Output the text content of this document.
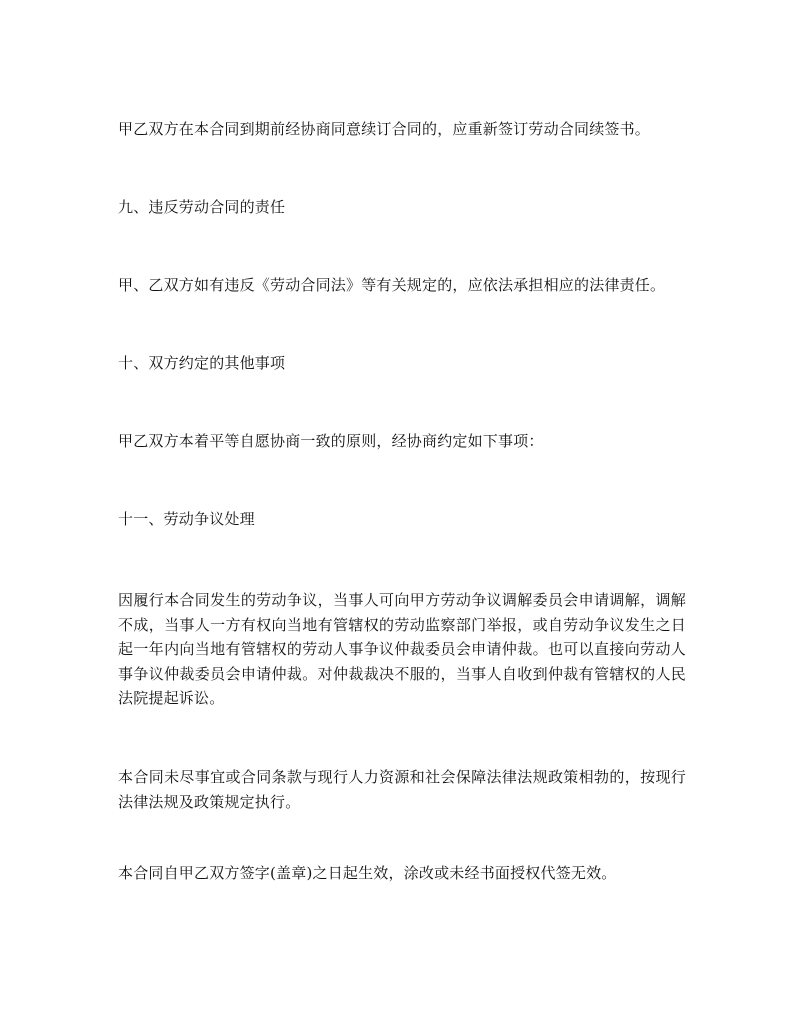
甲乙双方在本合同到期前经协商同意续订合同的，应重新签订劳动合同续签书。

九、违反劳动合同的责任

甲、乙双方如有违反《劳动合同法》等有关规定的，应依法承担相应的法律责任。

十、双方约定的其他事项

甲乙双方本着平等自愿协商一致的原则，经协商约定如下事项：

十一、劳动争议处理

因履行本合同发生的劳动争议，当事人可向甲方劳动争议调解委员会申请调解，调解不成，当事人一方有权向当地有管辖权的劳动监察部门举报，或自劳动争议发生之日起一年内向当地有管辖权的劳动人事争议仲裁委员会申请仲裁。也可以直接向劳动人事争议仲裁委员会申请仲裁。对仲裁裁决不服的，当事人自收到仲裁有管辖权的人民法院提起诉讼。

本合同未尽事宜或合同条款与现行人力资源和社会保障法律法规政策相勃的，按现行法律法规及政策规定执行。

本合同自甲乙双方签字(盖章)之日起生效，涂改或未经书面授权代签无效。
